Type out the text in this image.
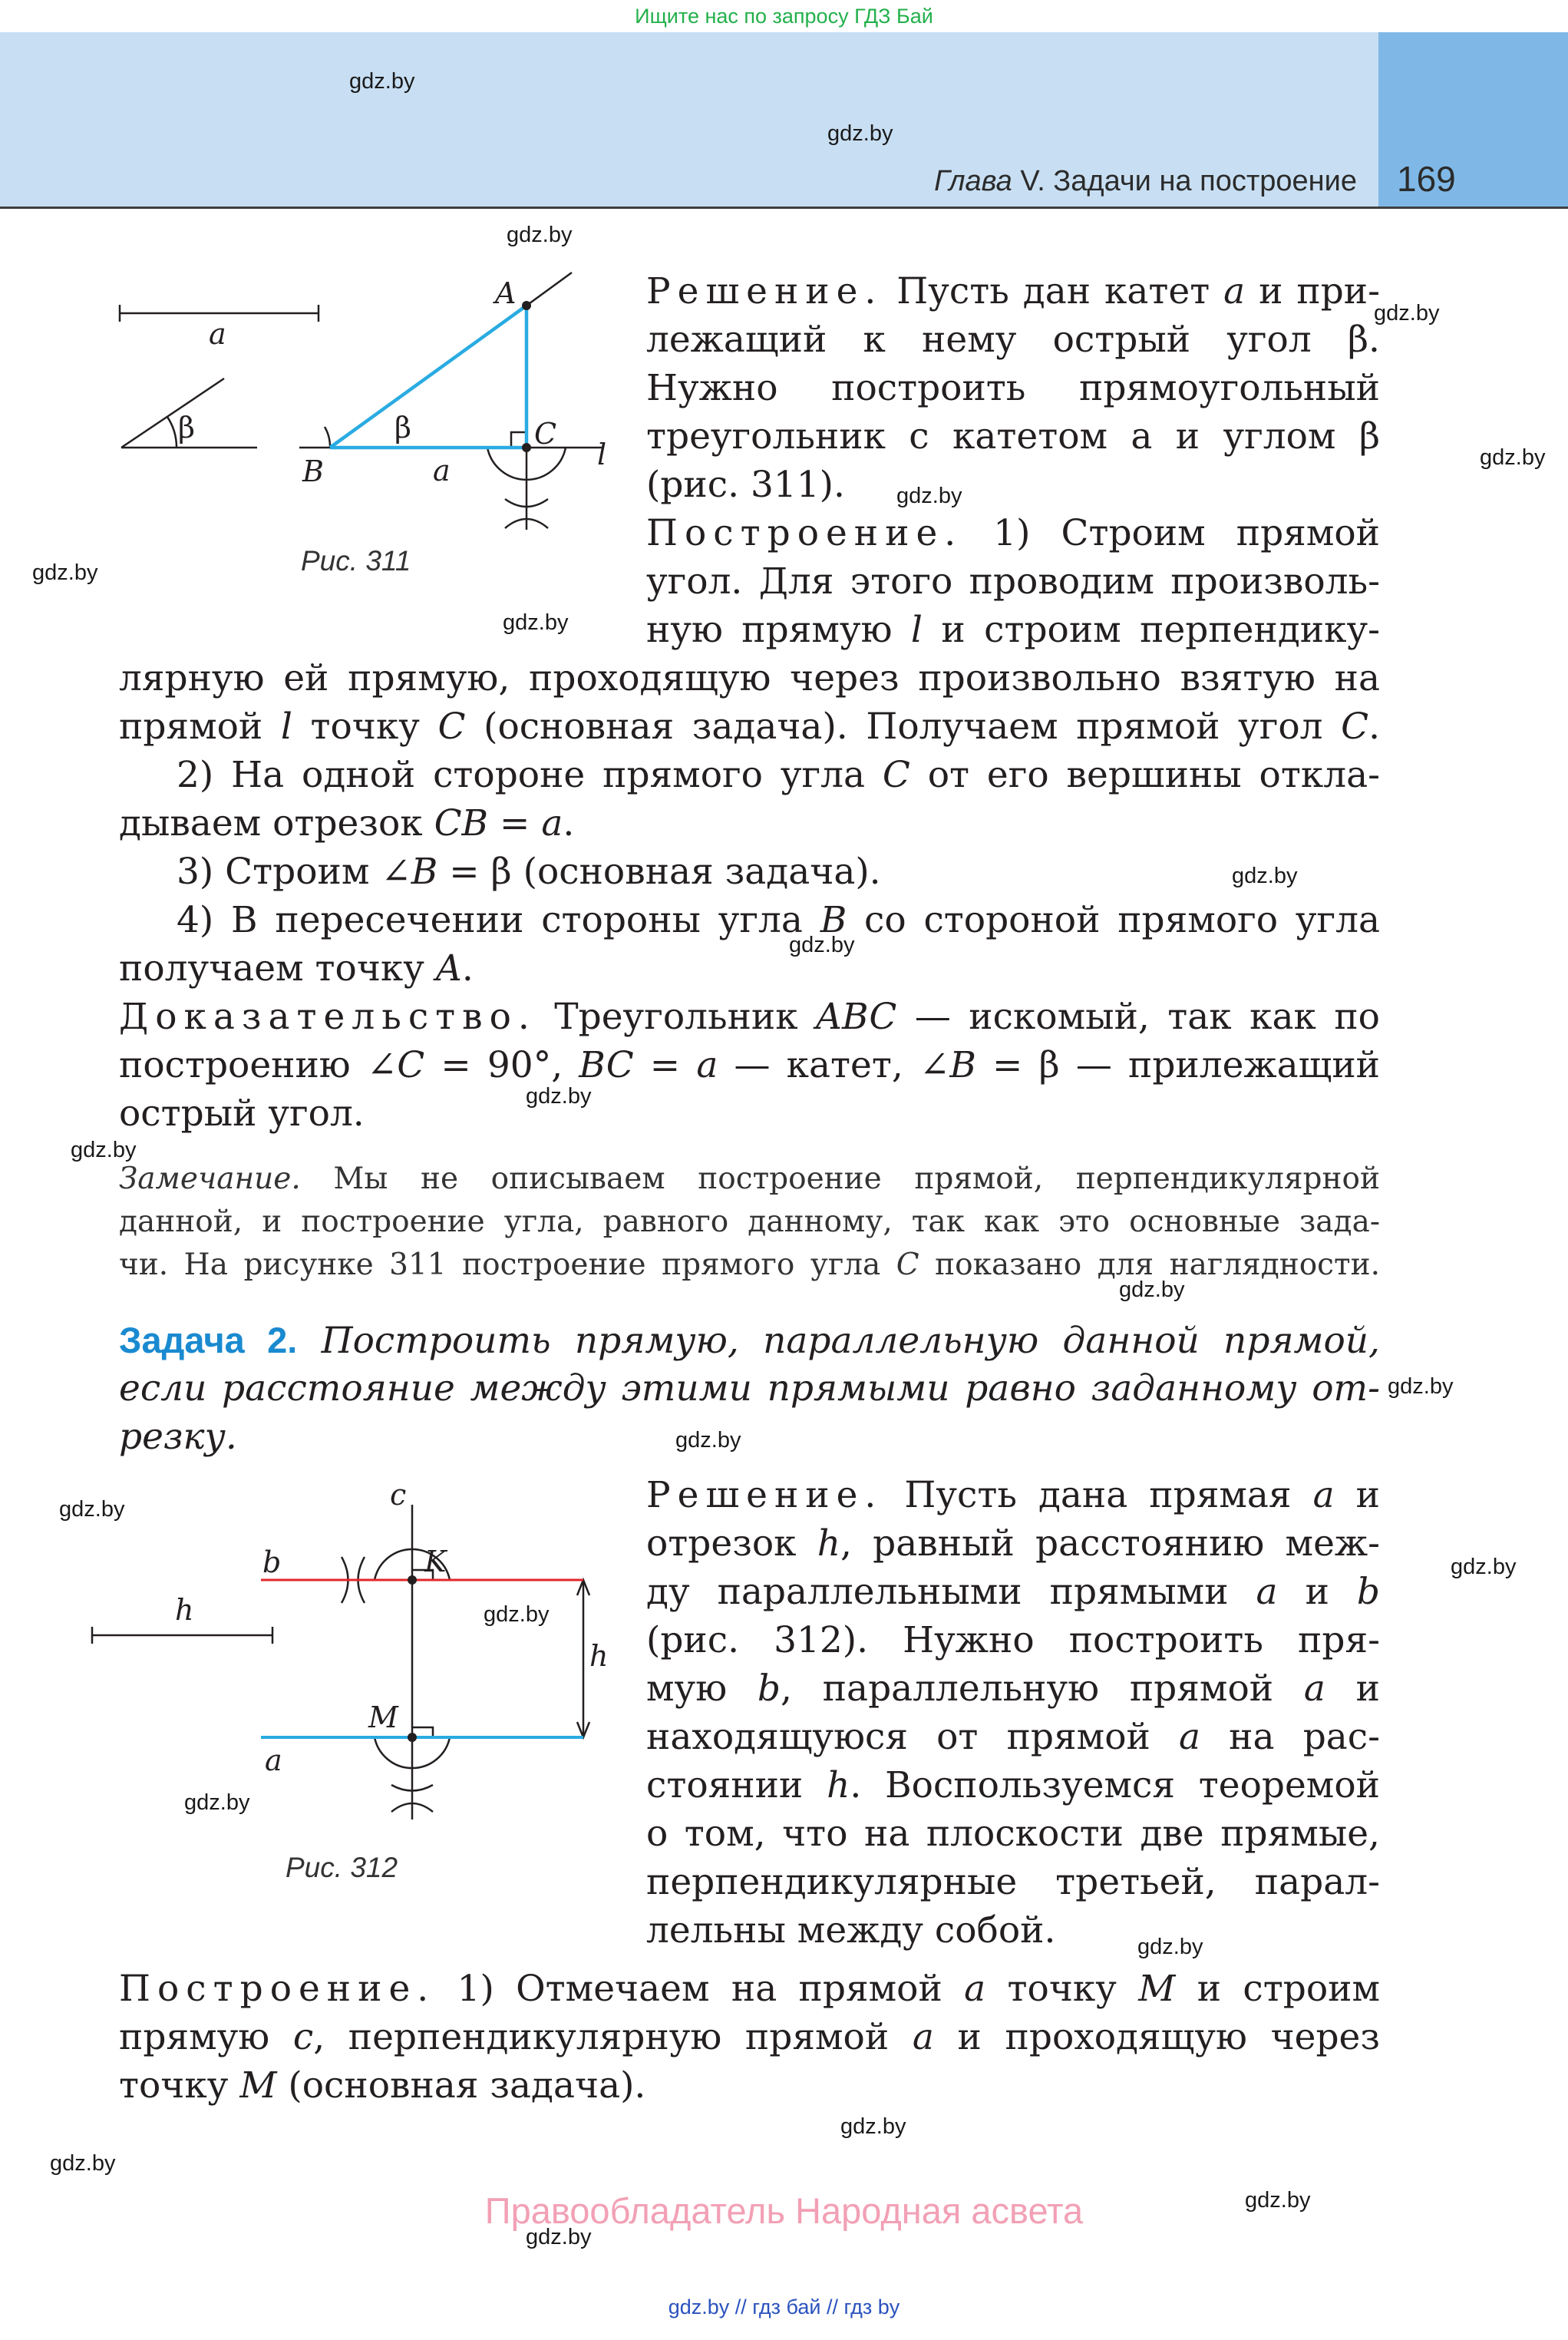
Ищите нас по запросу ГДЗ Бай
Глава V. Задачи на построение 169
a
β
A
B
C
β
a	l
Рис. 311
Решение. Пусть дан катет a и при-
лежащий к нему острый угол β.
Нужно построить прямоугольный
треугольник с катетом a и углом β
(рис. 311).
Построение. 1) Строим прямой
угол. Для этого проводим произволь-
ную прямую l и строим перпендику-
лярную ей прямую, проходящую через произвольно взятую на
прямой l точку C (основная задача). Получаем прямой угол C.
2) На одной стороне прямого угла C от его вершины откла-
дываем отрезок CB = a.
3) Строим ∠B = β (основная задача).
4) В пересечении стороны угла B со стороной прямого угла
получаем точку A.
Доказательство. Треугольник ABC — искомый, так как по
построению ∠C = 90°, BC = a — катет, ∠B = β — прилежащий
острый угол.
Замечание. Мы не описываем построение прямой, перпендикулярной
данной, и построение угла, равного данному, так как это основные зада-
чи. На рисунке 311 построение прямого угла C показано для наглядности.
Задача 2. Построить прямую, параллельную данной прямой,
если расстояние между этими прямыми равно заданному от-
резку.
c
b	K
h
h
M
a
Рис. 312
Решение. Пусть дана прямая a и
отрезок h, равный расстоянию меж-
ду параллельными прямыми a и b
(рис. 312). Нужно построить пря-
мую b, параллельную прямой a и
находящуюся от прямой a на рас-
стоянии h. Воспользуемся теоремой
о том, что на плоскости две прямые,
перпендикулярные третьей, парал-
лельны между собой.
Построение. 1) Отмечаем на прямой a точку M и строим
прямую c, перпендикулярную прямой a и проходящую через
точку M (основная задача).
gdz.by
gdz.by
gdz.by
gdz.by
gdz.by
gdz.by
gdz.by
gdz.by
gdz.by
gdz.by
gdz.by
gdz.by
gdz.by
gdz.by
gdz.by
gdz.by
gdz.by
gdz.by
gdz.by
gdz.by
gdz.by
gdz.by
gdz.by
gdz.by
Правообладатель Народная асвета
gdz.by // гдз бай // гдз by
